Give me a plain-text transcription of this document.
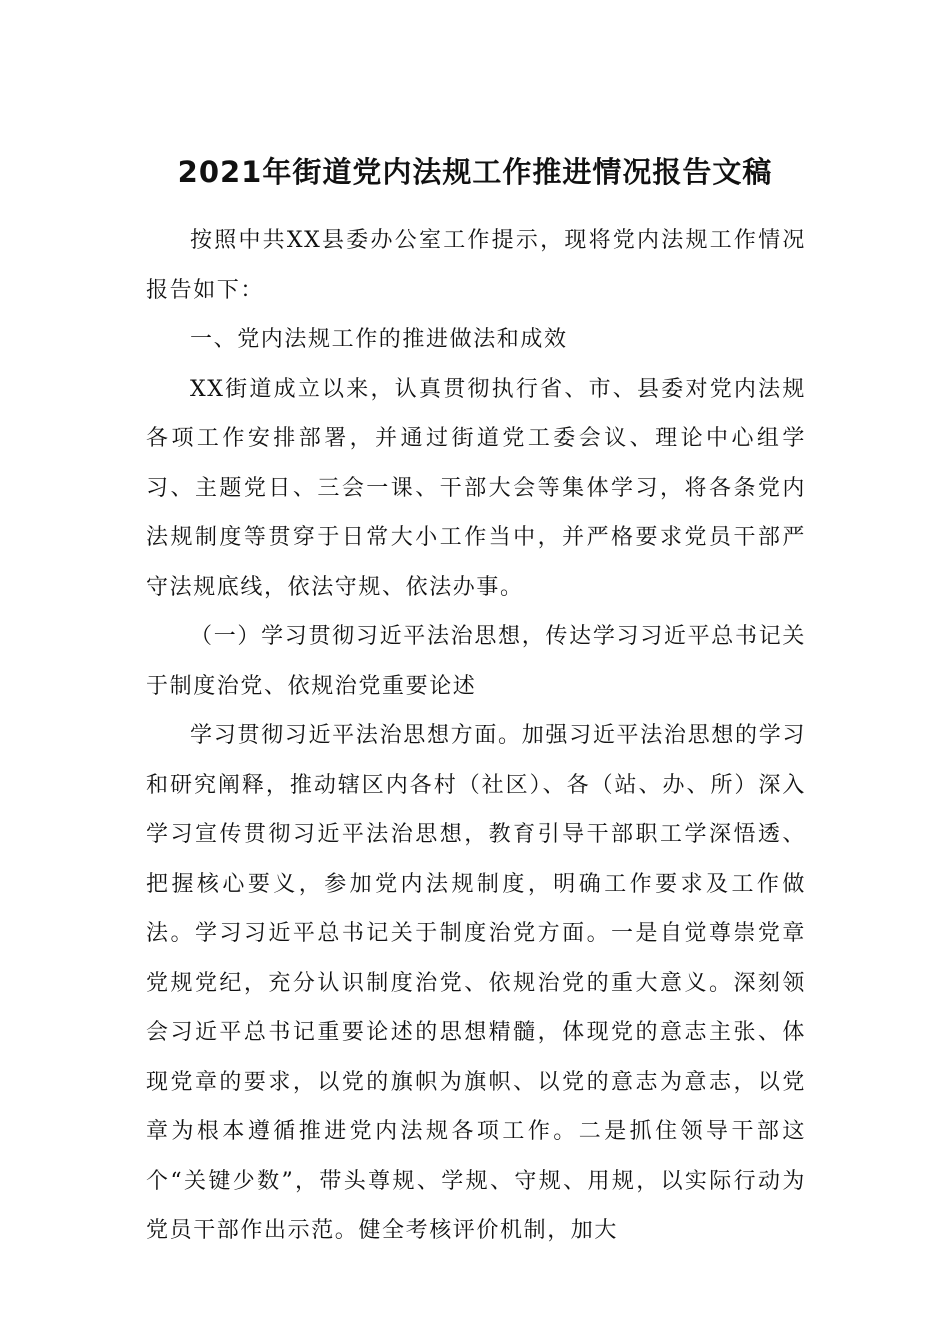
2021年街道党内法规工作推进情况报告文稿

按照中共XX县委办公室工作提示，现将党内法规工作情况报告如下：

一、党内法规工作的推进做法和成效

XX街道成立以来，认真贯彻执行省、市、县委对党内法规各项工作安排部署，并通过街道党工委会议、理论中心组学习、主题党日、三会一课、干部大会等集体学习，将各条党内法规制度等贯穿于日常大小工作当中，并严格要求党员干部严守法规底线，依法守规、依法办事。

（一）学习贯彻习近平法治思想，传达学习习近平总书记关于制度治党、依规治党重要论述

学习贯彻习近平法治思想方面。加强习近平法治思想的学习和研究阐释，推动辖区内各村（社区）、各（站、办、所）深入学习宣传贯彻习近平法治思想，教育引导干部职工学深悟透、把握核心要义，参加党内法规制度，明确工作要求及工作做法。学习习近平总书记关于制度治党方面。一是自觉尊崇党章党规党纪，充分认识制度治党、依规治党的重大意义。深刻领会习近平总书记重要论述的思想精髓，体现党的意志主张、体现党章的要求，以党的旗帜为旗帜、以党的意志为意志，以党章为根本遵循推进党内法规各项工作。二是抓住领导干部这个“关键少数”，带头尊规、学规、守规、用规，以实际行动为党员干部作出示范。健全考核评价机制，加大
